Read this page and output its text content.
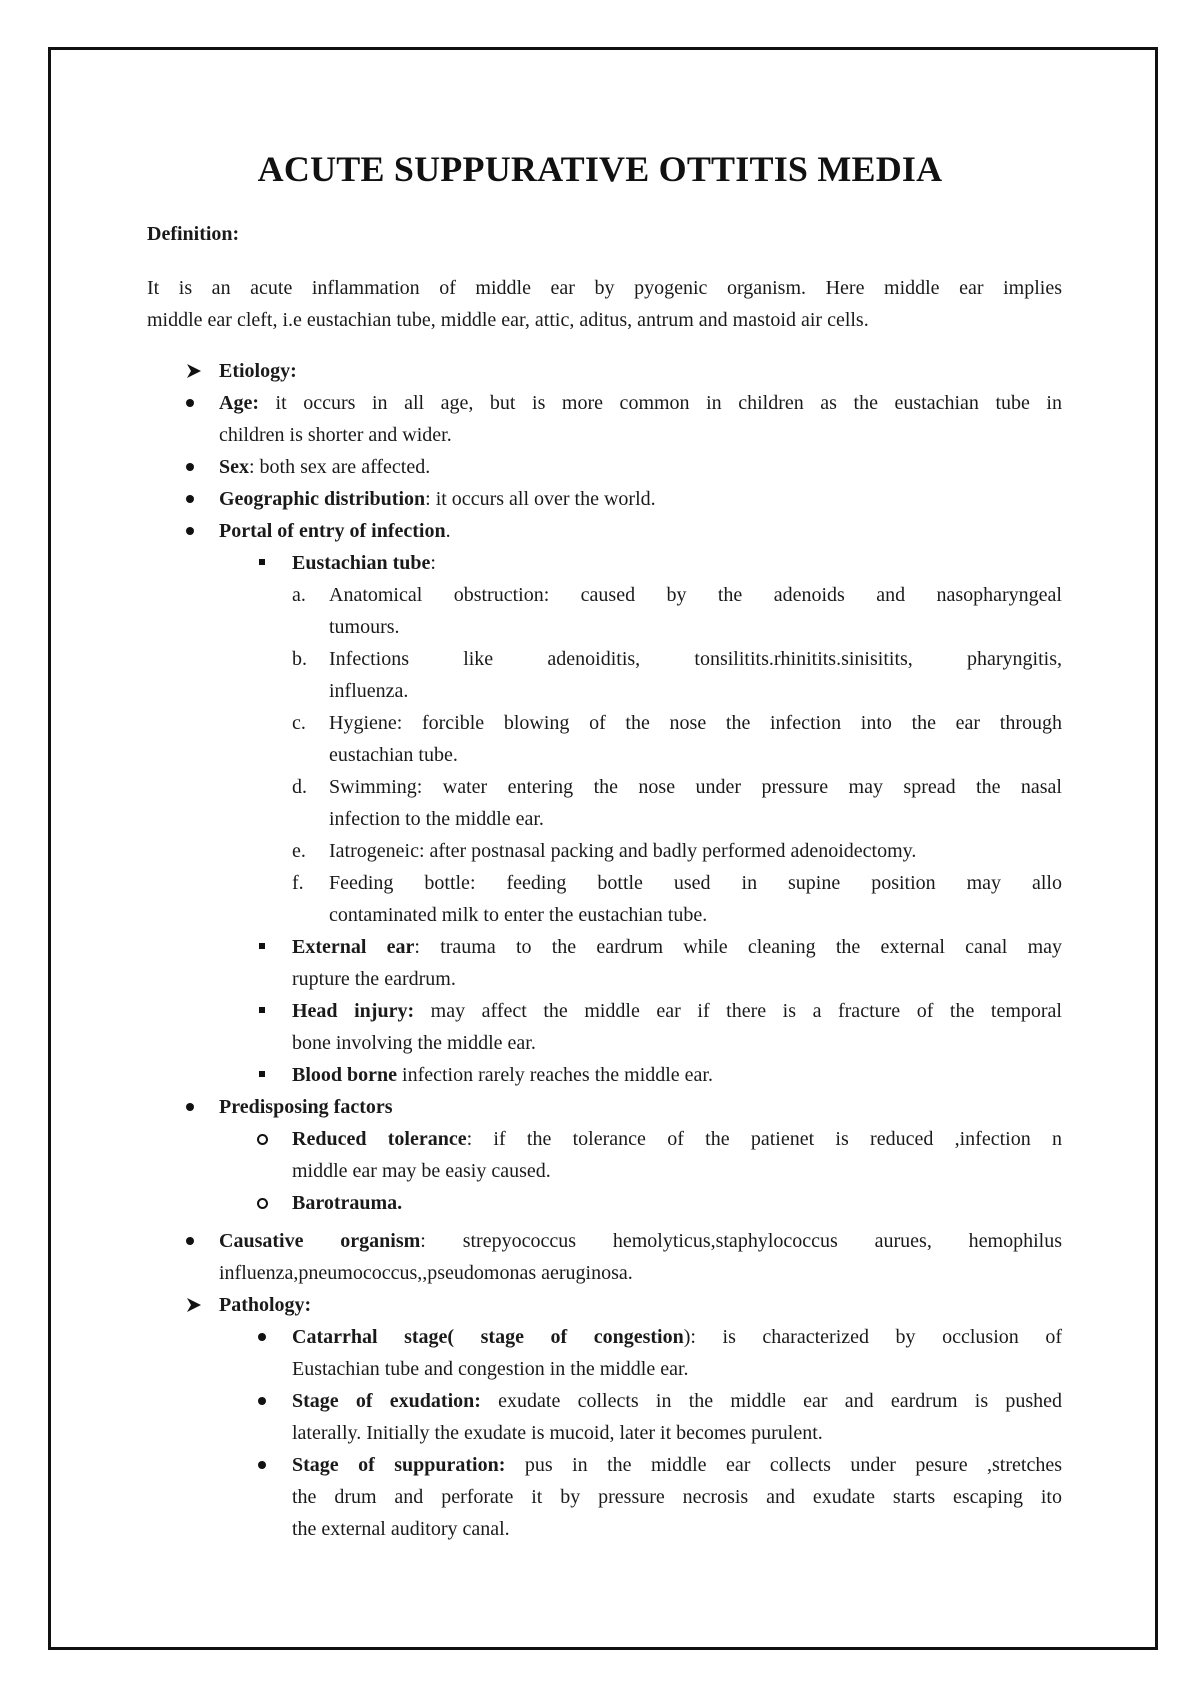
ACUTE SUPPURATIVE OTTITIS MEDIA
Definition:
It is an acute inflammation of middle ear by pyogenic organism. Here middle ear implies
middle ear cleft, i.e eustachian tube, middle ear, attic, aditus, antrum and mastoid air cells.
Etiology:
Age: it occurs in all age, but is more common in children as the eustachian tube in
children is shorter and wider.
Sex: both sex are affected.
Geographic distribution: it occurs all over the world.
Portal of entry of infection.
Eustachian tube:
a. Anatomical obstruction: caused by the adenoids and nasopharyngeal
tumours.
b. Infections like adenoiditis, tonsilitits.rhinitits.sinisitits, pharyngitis,
influenza.
c. Hygiene: forcible blowing of the nose the infection into the ear through
eustachian tube.
d. Swimming: water entering the nose under pressure may spread the nasal
infection to the middle ear.
e. Iatrogeneic: after postnasal packing and badly performed adenoidectomy.
f. Feeding bottle: feeding bottle used in supine position may allo
contaminated milk to enter the eustachian tube.
External ear: trauma to the eardrum while cleaning the external canal may
rupture the eardrum.
Head injury: may affect the middle ear if there is a fracture of the temporal
bone involving the middle ear.
Blood borne infection rarely reaches the middle ear.
Predisposing factors
Reduced tolerance: if the tolerance of the patienet is reduced ,infection n
middle ear may be easiy caused.
Barotrauma.
Causative organism: strepyococcus hemolyticus,staphylococcus aurues, hemophilus
influenza,pneumococcus,,pseudomonas aeruginosa.
Pathology:
Catarrhal stage( stage of congestion): is characterized by occlusion of
Eustachian tube and congestion in the middle ear.
Stage of exudation: exudate collects in the middle ear and eardrum is pushed
laterally. Initially the exudate is mucoid, later it becomes purulent.
Stage of suppuration: pus in the middle ear collects under pesure ,stretches
the drum and perforate it by pressure necrosis and exudate starts escaping ito
the external auditory canal.
